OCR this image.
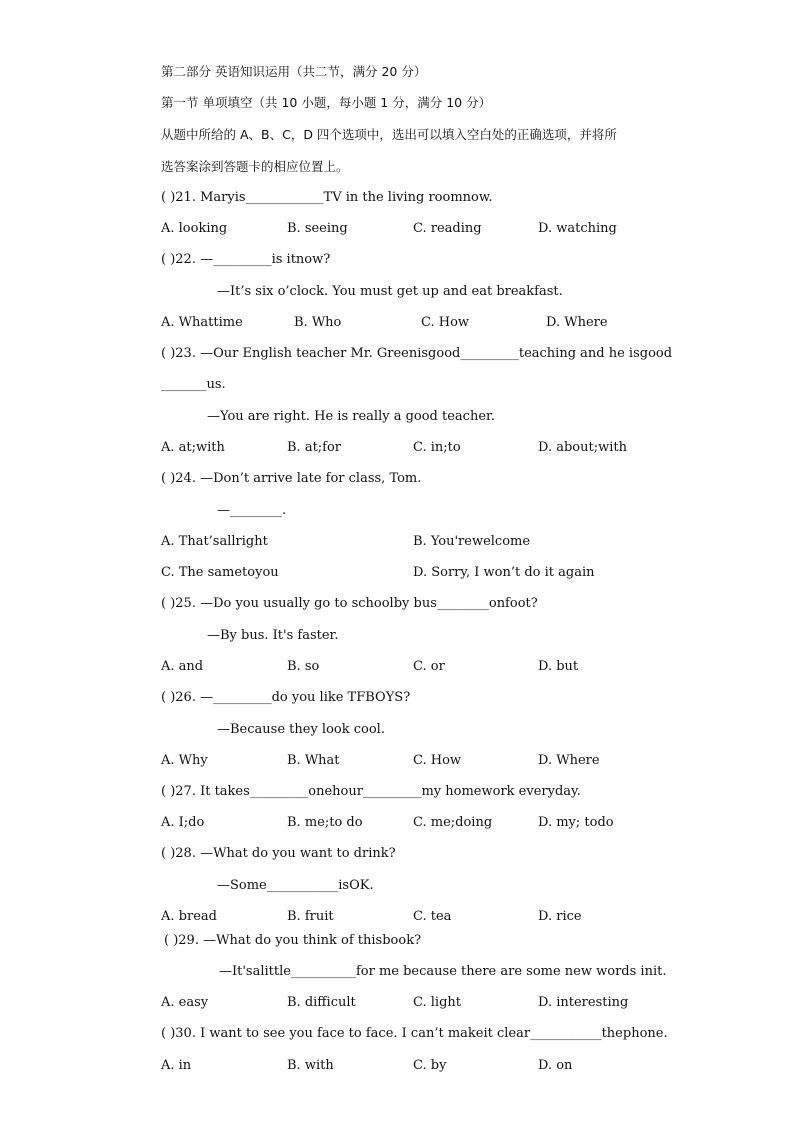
第二部分 英语知识运用（共二节，满分 20 分）
第一节 单项填空（共 10 小题，每小题 1 分，满分 10 分）
从题中所给的 A、B、C，D 四个选项中，选出可以填入空白处的正确选项，并将所
选答案涂到答题卡的相应位置上。
( )21. Maryis____________TV in the living roomnow.
A. looking	B. seeing	C. reading	D. watching
( )22. —_________is itnow?
—It’s six o’clock. You must get up and eat breakfast.
A. Whattime	B. Who	C. How	D. Where
( )23. —Our English teacher Mr. Greenisgood_________teaching and he isgood
_______us.
—You are right. He is really a good teacher.
A. at;with	B. at;for	C. in;to	D. about;with
( )24. —Don’t arrive late for class, Tom.
—________.
A. That’sallright	B. You'rewelcome
C. The sametoyou	D. Sorry, I won’t do it again
( )25. —Do you usually go to schoolby bus________onfoot?
—By bus. It's faster.
A. and	B. so	C. or	D. but
( )26. —_________do you like TFBOYS?
—Because they look cool.
A. Why	B. What	C. How	D. Where
( )27. It takes_________onehour_________my homework everyday.
A. I;do	B. me;to do	C. me;doing	D. my; todo
( )28. —What do you want to drink?
—Some___________isOK.
A. bread	B. fruit	C. tea	D. rice
( )29. —What do you think of thisbook?
—It'salittle__________for me because there are some new words init.
A. easy	B. difficult	C. light	D. interesting
( )30. I want to see you face to face. I can’t makeit clear___________thephone.
A. in	B. with	C. by	D. on
